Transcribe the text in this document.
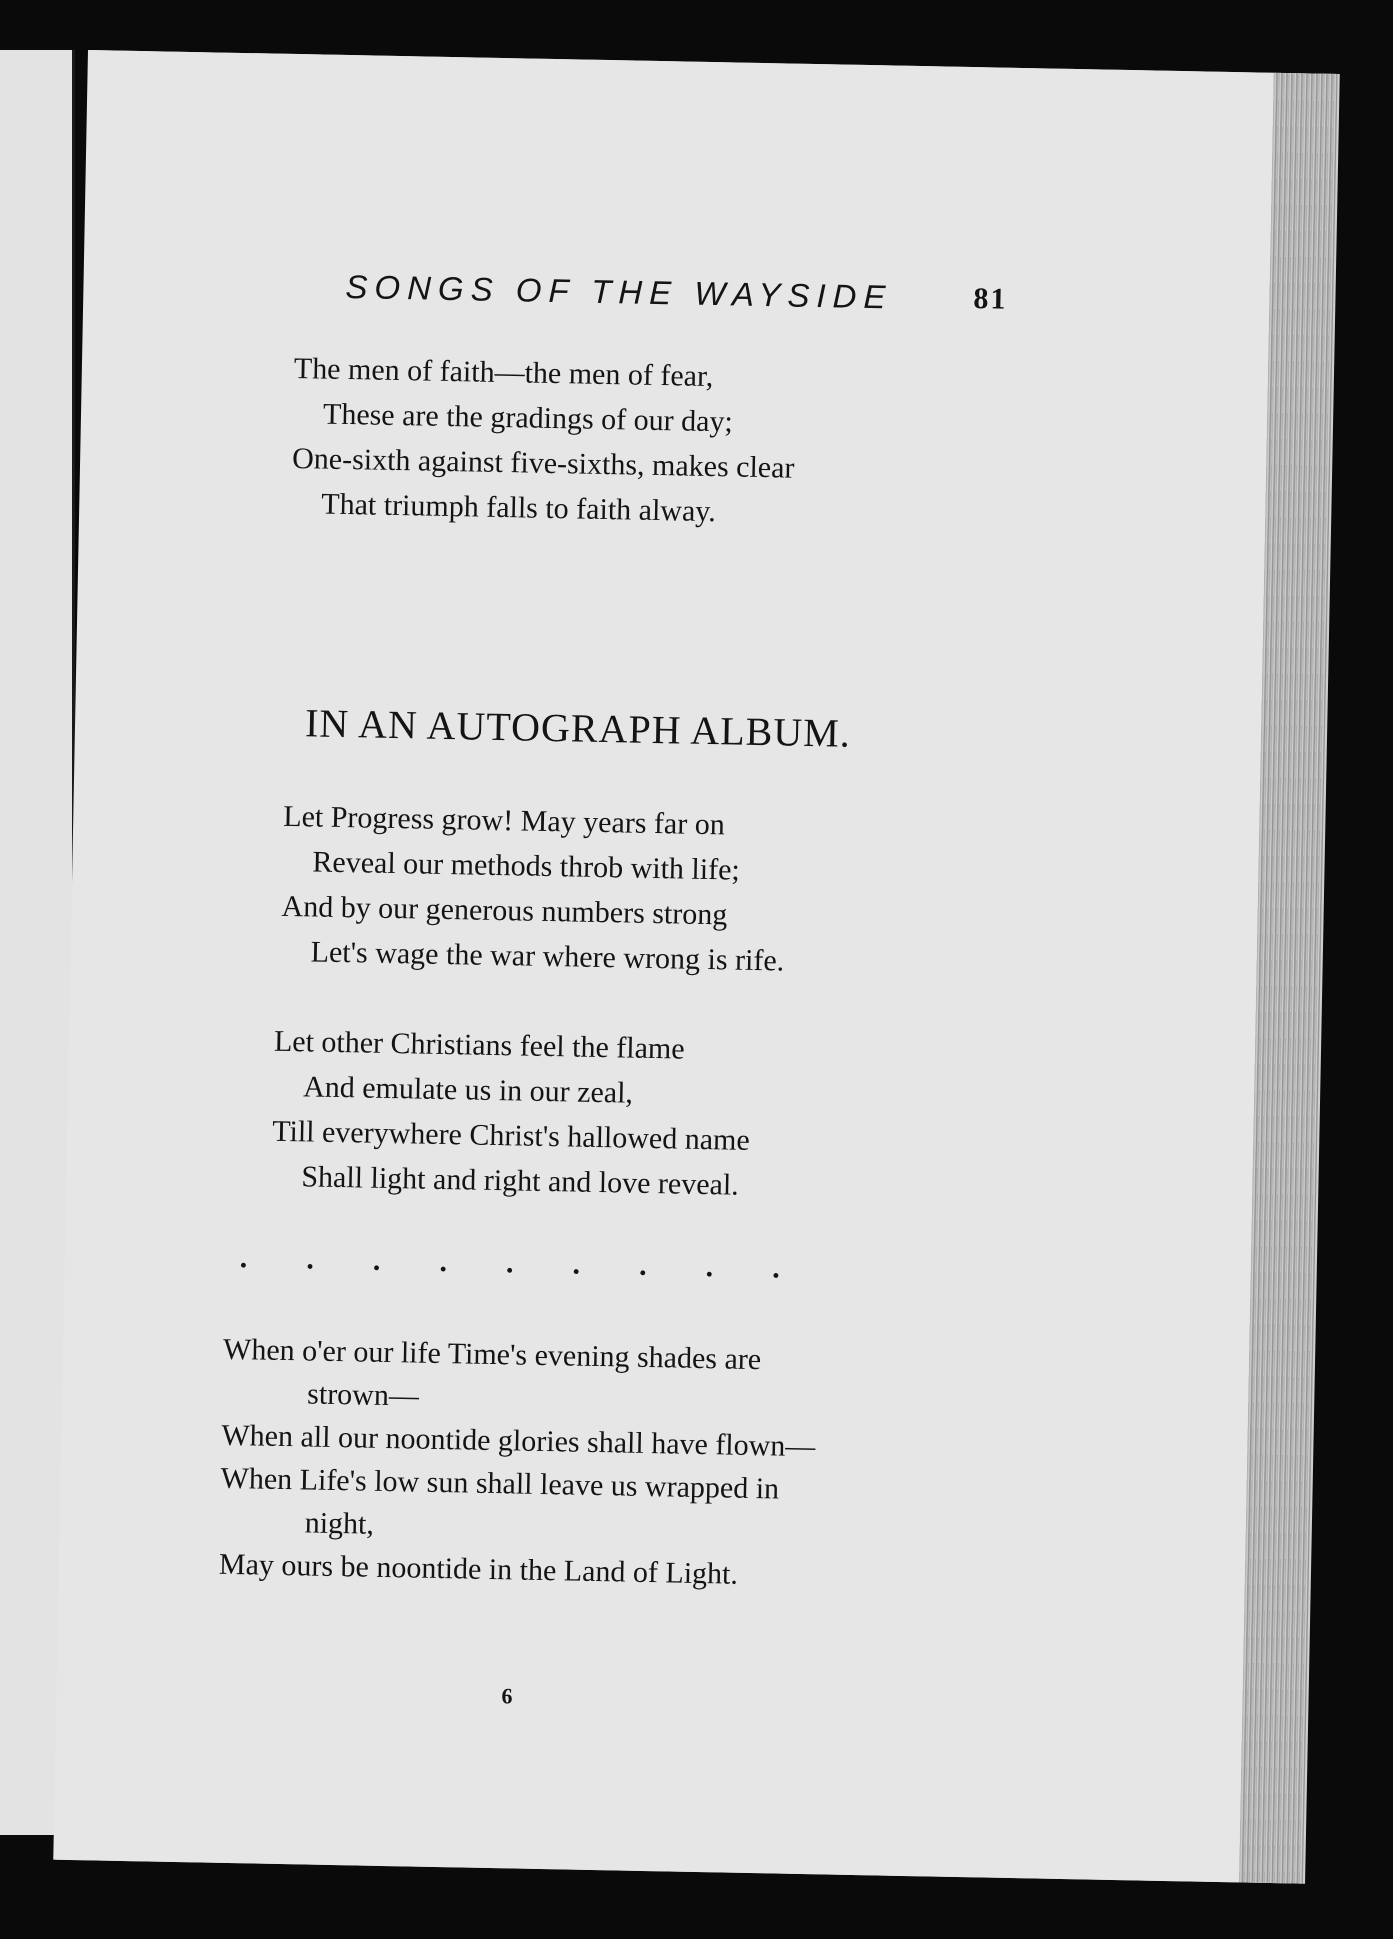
SONGS OF THE WAYSIDE	81
The men of faith—the men of fear,
These are the gradings of our day;
One-sixth against five-sixths, makes clear
That triumph falls to faith alway.
IN AN AUTOGRAPH ALBUM.
Let Progress grow! May years far on
Reveal our methods throb with life;
And by our generous numbers strong
Let's wage the war where wrong is rife.
Let other Christians feel the flame
And emulate us in our zeal,
Till everywhere Christ's hallowed name
Shall light and right and love reveal.
. . . . . . . . .
When o'er our life Time's evening shades are
strown—
When all our noontide glories shall have flown—
When Life's low sun shall leave us wrapped in
night,
May ours be noontide in the Land of Light.
6
